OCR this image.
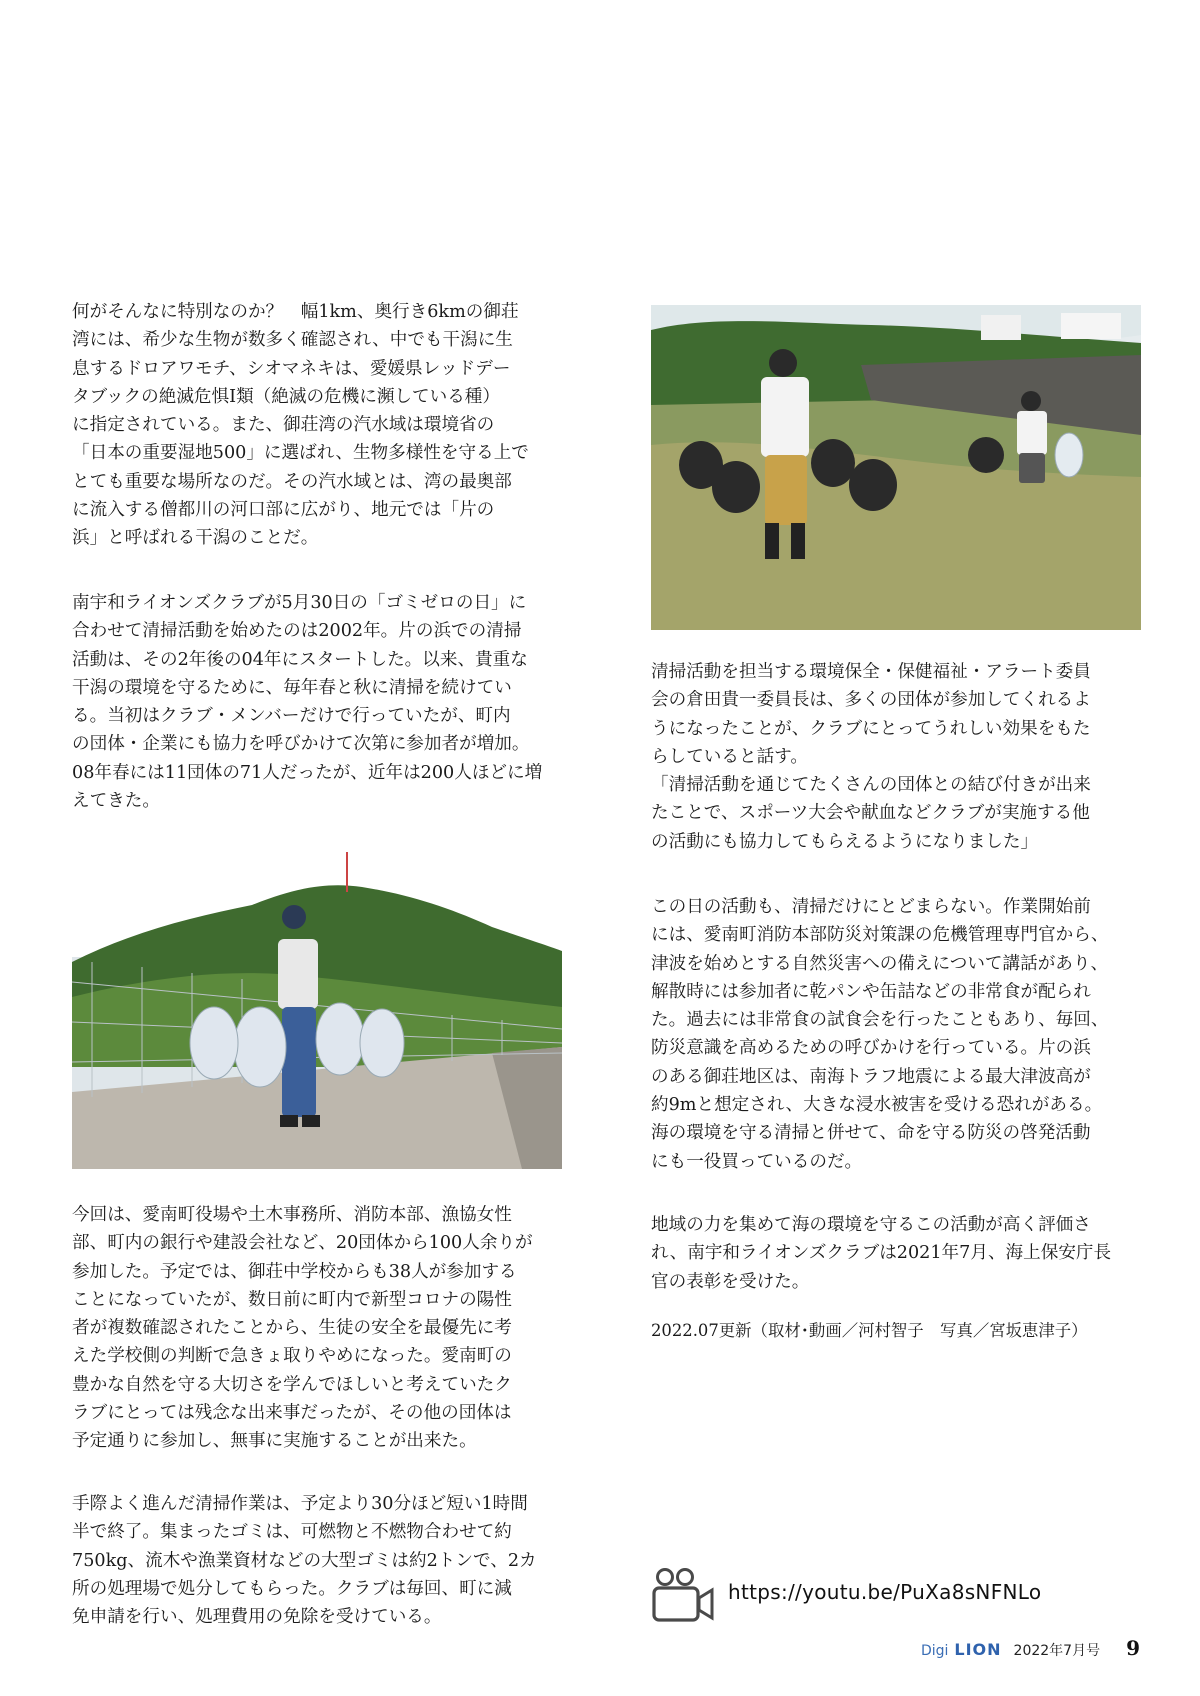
何がそんなに特別なのか？　幅1km、奥行き6kmの御荘
湾には、希少な生物が数多く確認され、中でも干潟に生
息するドロアワモチ、シオマネキは、愛媛県レッドデー
タブックの絶滅危惧Ⅰ類（絶滅の危機に瀕している種）
に指定されている。また、御荘湾の汽水域は環境省の
「日本の重要湿地500」に選ばれ、生物多様性を守る上で
とても重要な場所なのだ。その汽水域とは、湾の最奥部
に流入する僧都川の河口部に広がり、地元では「片の
浜」と呼ばれる干潟のことだ。

南宇和ライオンズクラブが5月30日の「ゴミゼロの日」に
合わせて清掃活動を始めたのは2002年。片の浜での清掃
活動は、その2年後の04年にスタートした。以来、貴重な
干潟の環境を守るために、毎年春と秋に清掃を続けてい
る。当初はクラブ・メンバーだけで行っていたが、町内
の団体・企業にも協力を呼びかけて次第に参加者が増加。
08年春には11団体の71人だったが、近年は200人ほどに増
えてきた。

今回は、愛南町役場や土木事務所、消防本部、漁協女性
部、町内の銀行や建設会社など、20団体から100人余りが
参加した。予定では、御荘中学校からも38人が参加する
ことになっていたが、数日前に町内で新型コロナの陽性
者が複数確認されたことから、生徒の安全を最優先に考
えた学校側の判断で急きょ取りやめになった。愛南町の
豊かな自然を守る大切さを学んでほしいと考えていたク
ラブにとっては残念な出来事だったが、その他の団体は
予定通りに参加し、無事に実施することが出来た。

手際よく進んだ清掃作業は、予定より30分ほど短い1時間
半で終了。集まったゴミは、可燃物と不燃物合わせて約
750kg、流木や漁業資材などの大型ゴミは約2トンで、2カ
所の処理場で処分してもらった。クラブは毎回、町に減
免申請を行い、処理費用の免除を受けている。

清掃活動を担当する環境保全・保健福祉・アラート委員
会の倉田貴一委員長は、多くの団体が参加してくれるよ
うになったことが、クラブにとってうれしい効果をもた
らしていると話す。
「清掃活動を通じてたくさんの団体との結び付きが出来
たことで、スポーツ大会や献血などクラブが実施する他
の活動にも協力してもらえるようになりました」

この日の活動も、清掃だけにとどまらない。作業開始前
には、愛南町消防本部防災対策課の危機管理専門官から、
津波を始めとする自然災害への備えについて講話があり、
解散時には参加者に乾パンや缶詰などの非常食が配られ
た。過去には非常食の試食会を行ったこともあり、毎回、
防災意識を高めるための呼びかけを行っている。片の浜
のある御荘地区は、南海トラフ地震による最大津波高が
約9mと想定され、大きな浸水被害を受ける恐れがある。
海の環境を守る清掃と併せて、命を守る防災の啓発活動
にも一役買っているのだ。

地域の力を集めて海の環境を守るこの活動が高く評価さ
れ、南宇和ライオンズクラブは2021年7月、海上保安庁長
官の表彰を受けた。

2022.07更新（取材･動画／河村智子　写真／宮坂恵津子）
https://youtu.be/PuXa8sNFNLo
Digi LION 2022年7月号 9
